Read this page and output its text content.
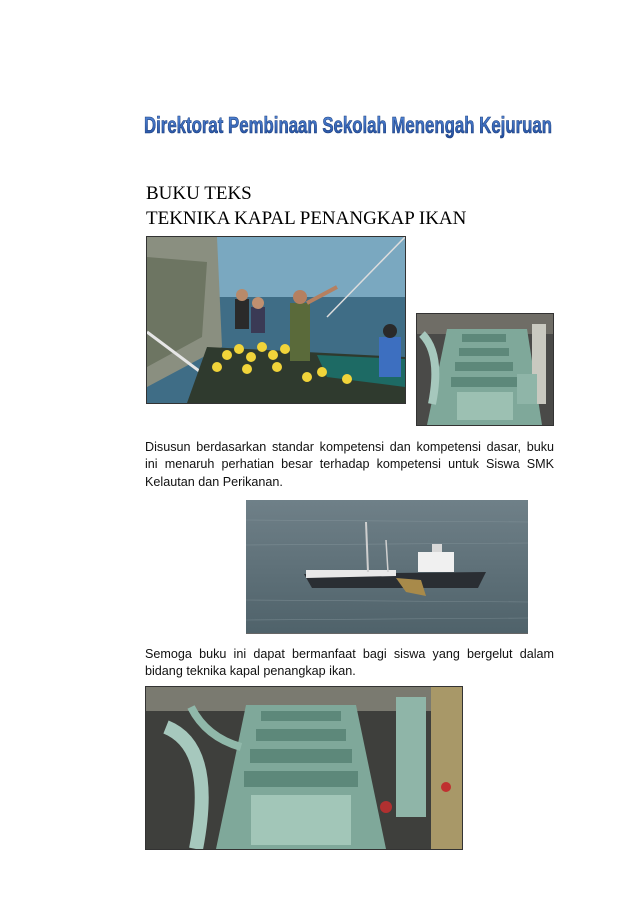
Direktorat Pembinaan Sekolah Menengah Kejuruan
BUKU TEKS
TEKNIKA KAPAL PENANGKAP IKAN
Disusun berdasarkan standar kompetensi dan kompetensi dasar, buku ini menaruh perhatian besar terhadap kompetensi untuk Siswa SMK Kelautan dan Perikanan.
Semoga buku ini dapat bermanfaat bagi siswa yang bergelut dalam bidang teknika kapal penangkap ikan.
